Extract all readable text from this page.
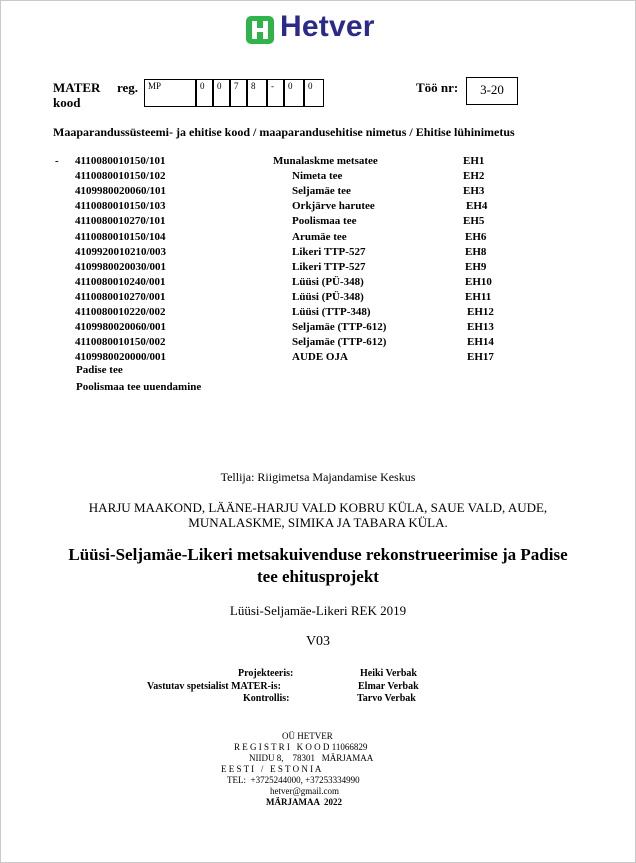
Hetver
MATER reg.
kood
MP	0	0	7	8	-	0	0	Töö nr:	3-20
Maaparandussüsteemi- ja ehitise kood / maaparandusehitise nimetus / Ehitise lühinimetus
- 4110080010150/101	Munalaskme metsatee	EH1
4110080010150/102	Nimeta tee	EH2
4109980020060/101	Seljamäe tee	EH3
4110080010150/103	Orkjärve harutee	EH4
4110080010270/101	Poolismaa tee	EH5
4110080010150/104	Arumäe tee	EH6
4109920010210/003	Likeri TTP-527	EH8
4109980020030/001	Likeri TTP-527	EH9
4110080010240/001	Lüüsi (PÜ-348)	EH10
4110080010270/001	Lüüsi (PÜ-348)	EH11
4110080010220/002	Lüüsi (TTP-348)	EH12
4109980020060/001	Seljamäe (TTP-612)	EH13
4110080010150/002	Seljamäe (TTP-612)	EH14
4109980020000/001	AUDE OJA	EH17
Padise tee
Poolismaa tee uuendamine
Tellija: Riigimetsa Majandamise Keskus
HARJU MAAKOND, LÄÄNE-HARJU VALD KOBRU KÜLA, SAUE VALD, AUDE,
MUNALASKME, SIMIKA JA TABARA KÜLA.
Lüüsi-Seljamäe-Likeri metsakuivenduse rekonstrueerimise ja Padise
tee ehitusprojekt
Lüüsi-Seljamäe-Likeri REK 2019
V03
Projekteeris:	Heiki Verbak
Vastutav spetsialist MATER-is:	Elmar Verbak
Kontrollis:	Tarvo Verbak
OÜ HETVER
R E G I S T R I   K O O D 11066829
NIIDU 8,    78301   MÄRJAMAA
E E S T I   /   E S T O N I A
TEL:  +3725244000, +37253334990
hetver@gmail.com
MÄRJAMAA  2022
